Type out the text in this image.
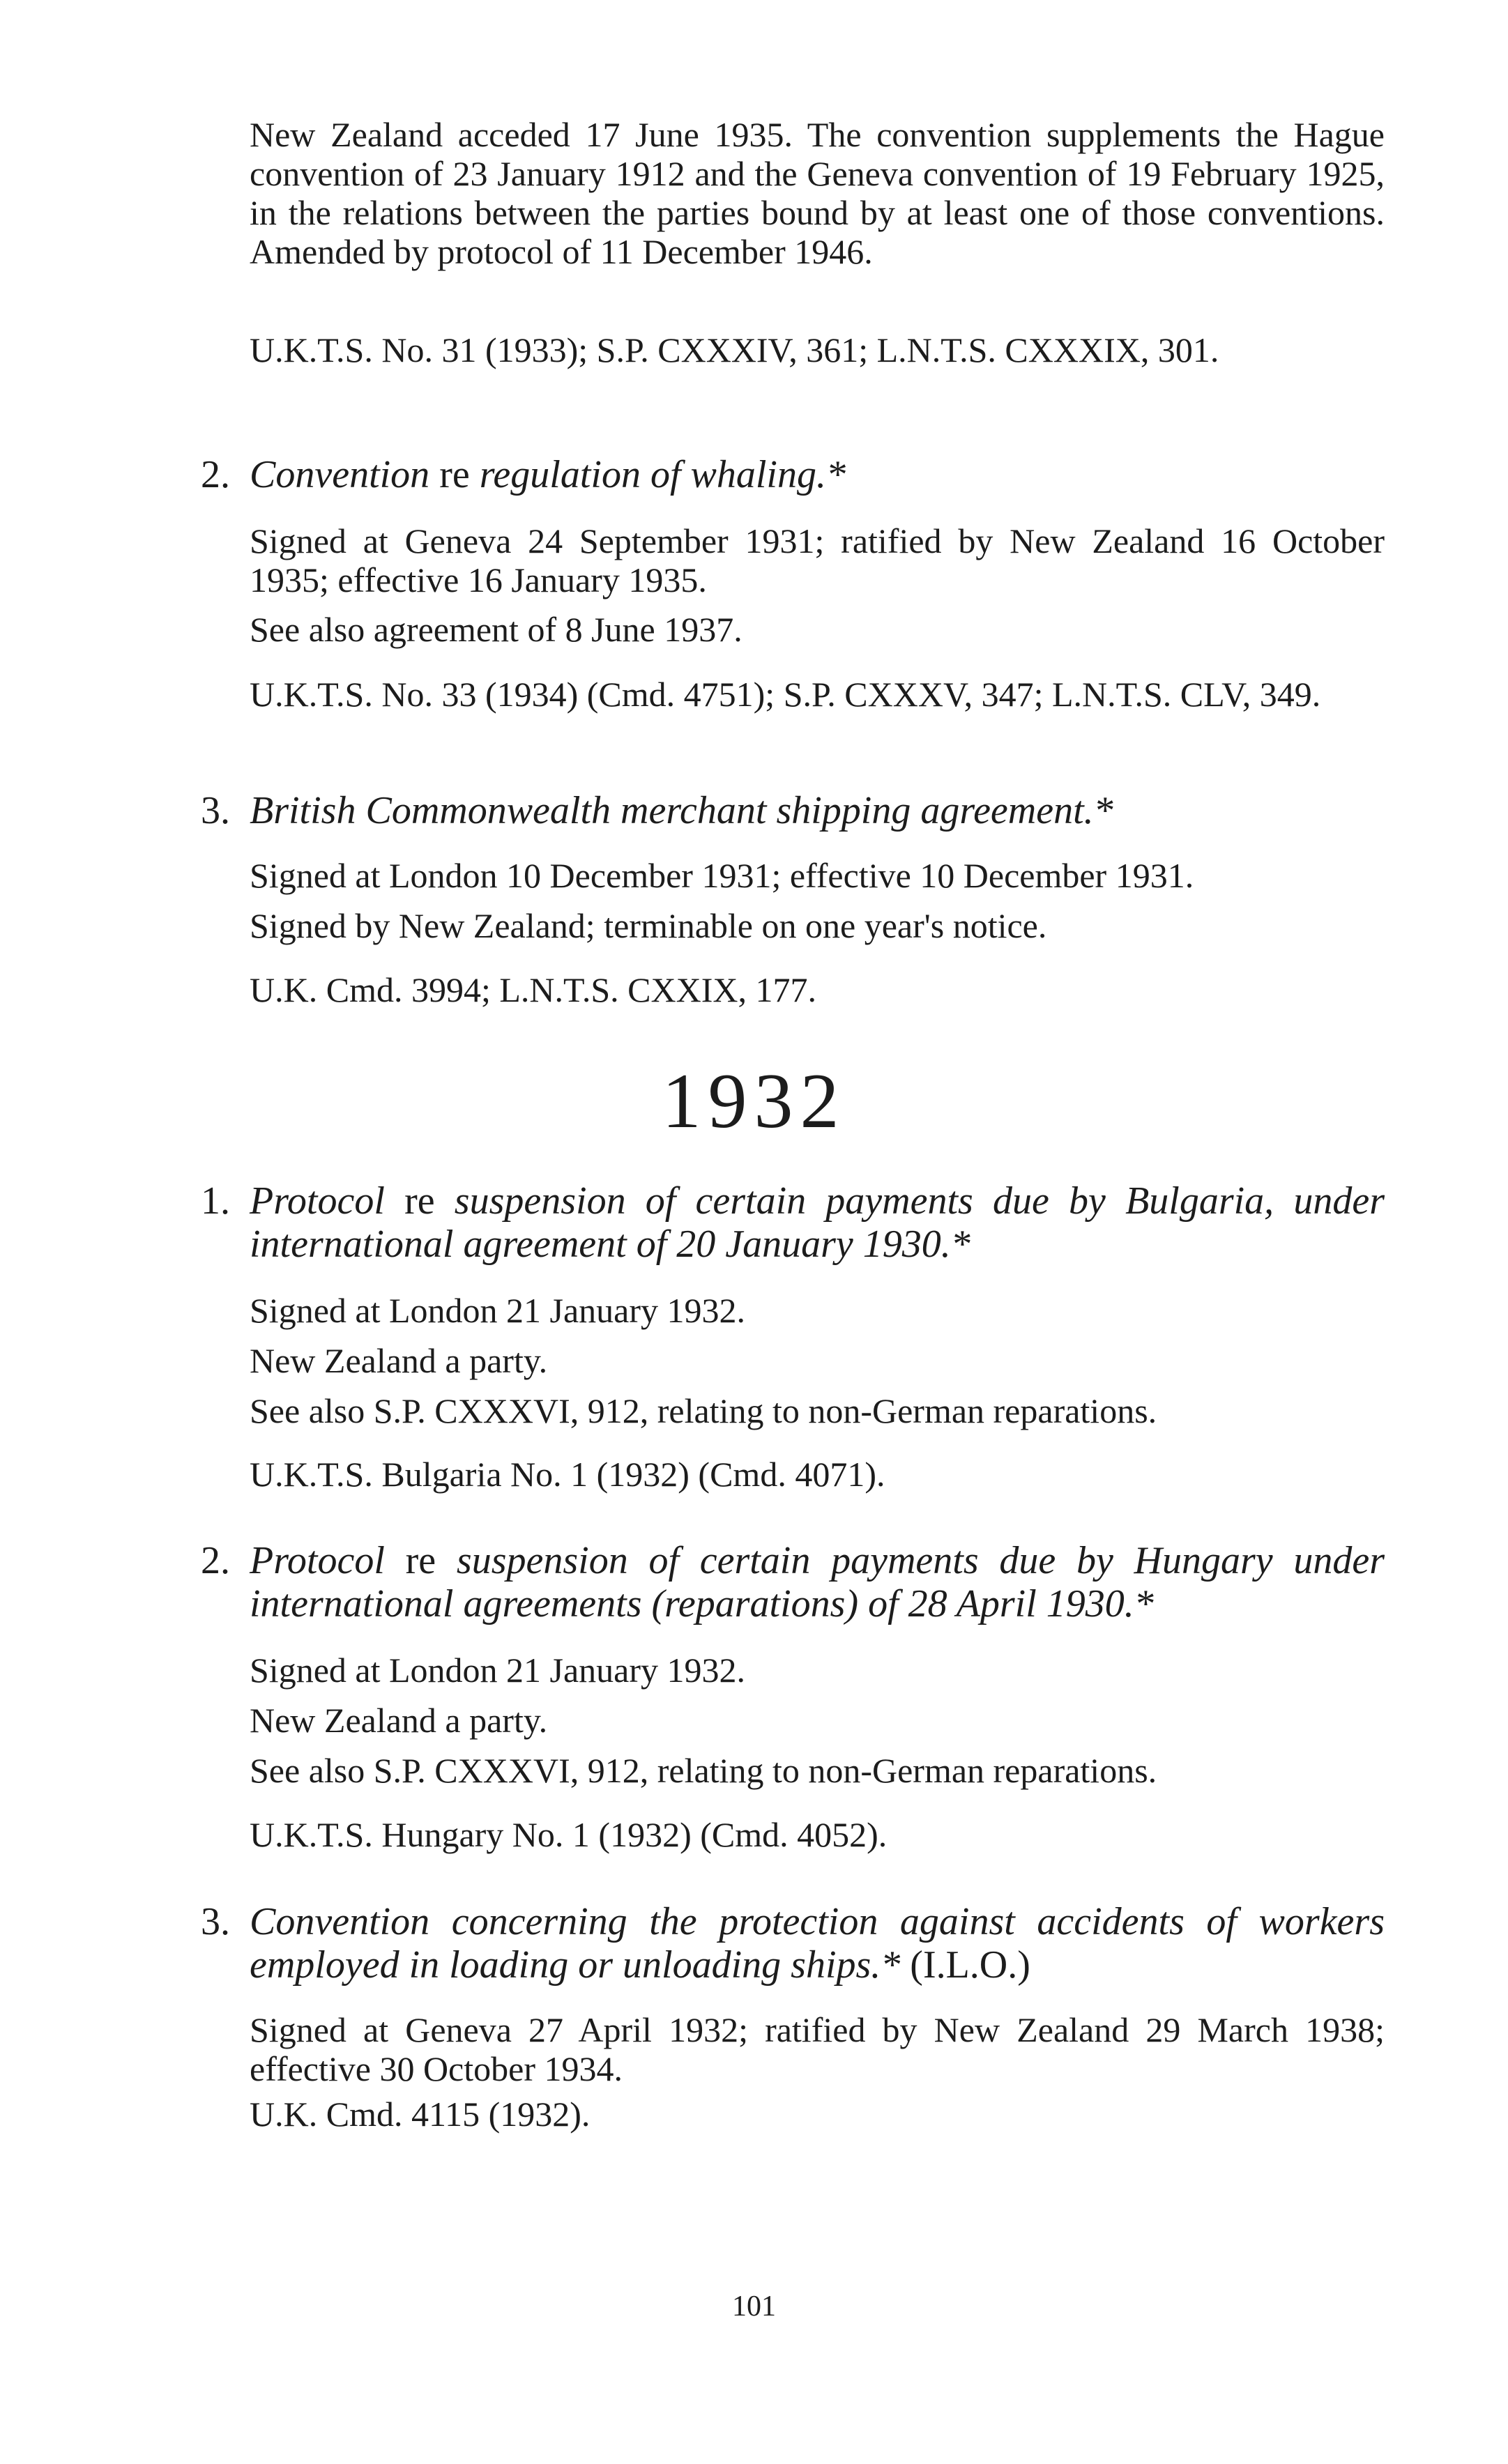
New Zealand acceded 17 June 1935. The convention supplements the Hague convention of 23 January 1912 and the Geneva convention of 19 February 1925, in the relations between the parties bound by at least one of those conventions. Amended by protocol of 11 December 1946.

U.K.T.S. No. 31 (1933); S.P. CXXXIV, 361; L.N.T.S. CXXXIX, 301.

2. Convention re regulation of whaling.*

Signed at Geneva 24 September 1931; ratified by New Zealand 16 October 1935; effective 16 January 1935.

See also agreement of 8 June 1937.

U.K.T.S. No. 33 (1934) (Cmd. 4751); S.P. CXXXV, 347; L.N.T.S. CLV, 349.

3. British Commonwealth merchant shipping agreement.*

Signed at London 10 December 1931; effective 10 December 1931.

Signed by New Zealand; terminable on one year's notice.

U.K. Cmd. 3994; L.N.T.S. CXXIX, 177.

1932
1. Protocol re suspension of certain payments due by Bulgaria, under international agreement of 20 January 1930.*

Signed at London 21 January 1932.

New Zealand a party.

See also S.P. CXXXVI, 912, relating to non-German reparations.

U.K.T.S. Bulgaria No. 1 (1932) (Cmd. 4071).

2. Protocol re suspension of certain payments due by Hungary under international agreements (reparations) of 28 April 1930.*

Signed at London 21 January 1932.

New Zealand a party.

See also S.P. CXXXVI, 912, relating to non-German reparations.

U.K.T.S. Hungary No. 1 (1932) (Cmd. 4052).

3. Convention concerning the protection against accidents of workers employed in loading or unloading ships.* (I.L.O.)

Signed at Geneva 27 April 1932; ratified by New Zealand 29 March 1938; effective 30 October 1934.

U.K. Cmd. 4115 (1932).

101
